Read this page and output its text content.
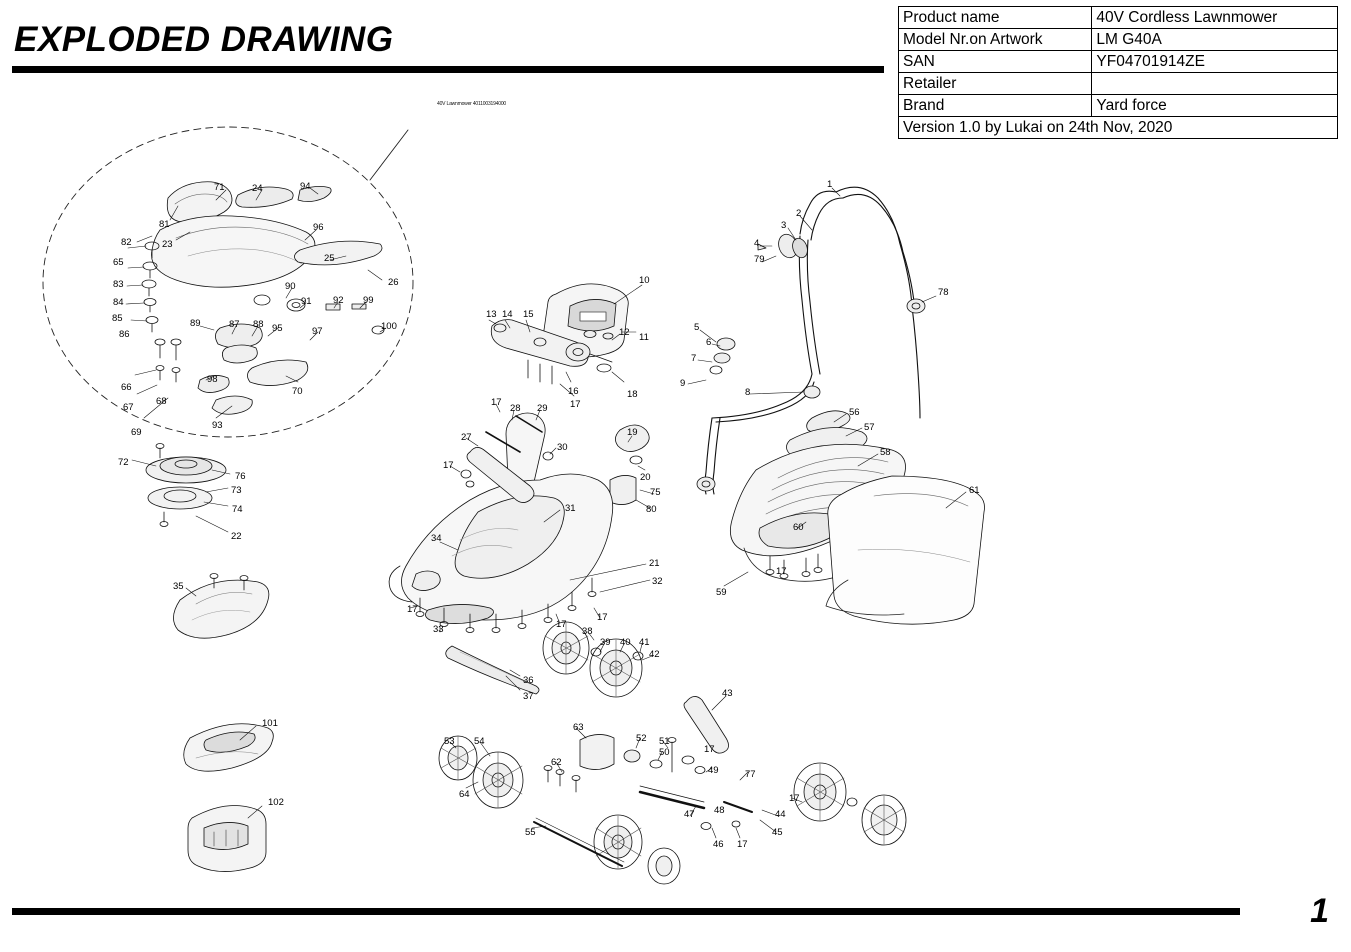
EXPLODED DRAWING
Product name	40V Cordless Lawnmower
Model Nr.on Artwork	LM G40A
SAN	YF04701914ZE
Retailer	
Brand	Yard force
Version 1.0 by Lukai on 24th Nov, 2020	
40V Lawnmower 4011003194000
1
2
3
4
5
6
7
8
9
10
11
12
13 14 15
16
17
18
19
20
21
22
23
24
25
26
27
28 29
30
31
32
33
34
35
36
37
38
39 40 41
42
43
44
45
46
47 48
49
50
51
52
53 54
55
56
57
58
59
60
61
62
63
64
65
66
67
68
69
70
71
72
73
74
75
76
77
78
79
80
81
82
83
84
85
86
87 88
89
90
91 92
93
94
95
96
97
98
99
100
101
102
17
17
17
17
17
17
17
17
17
1
